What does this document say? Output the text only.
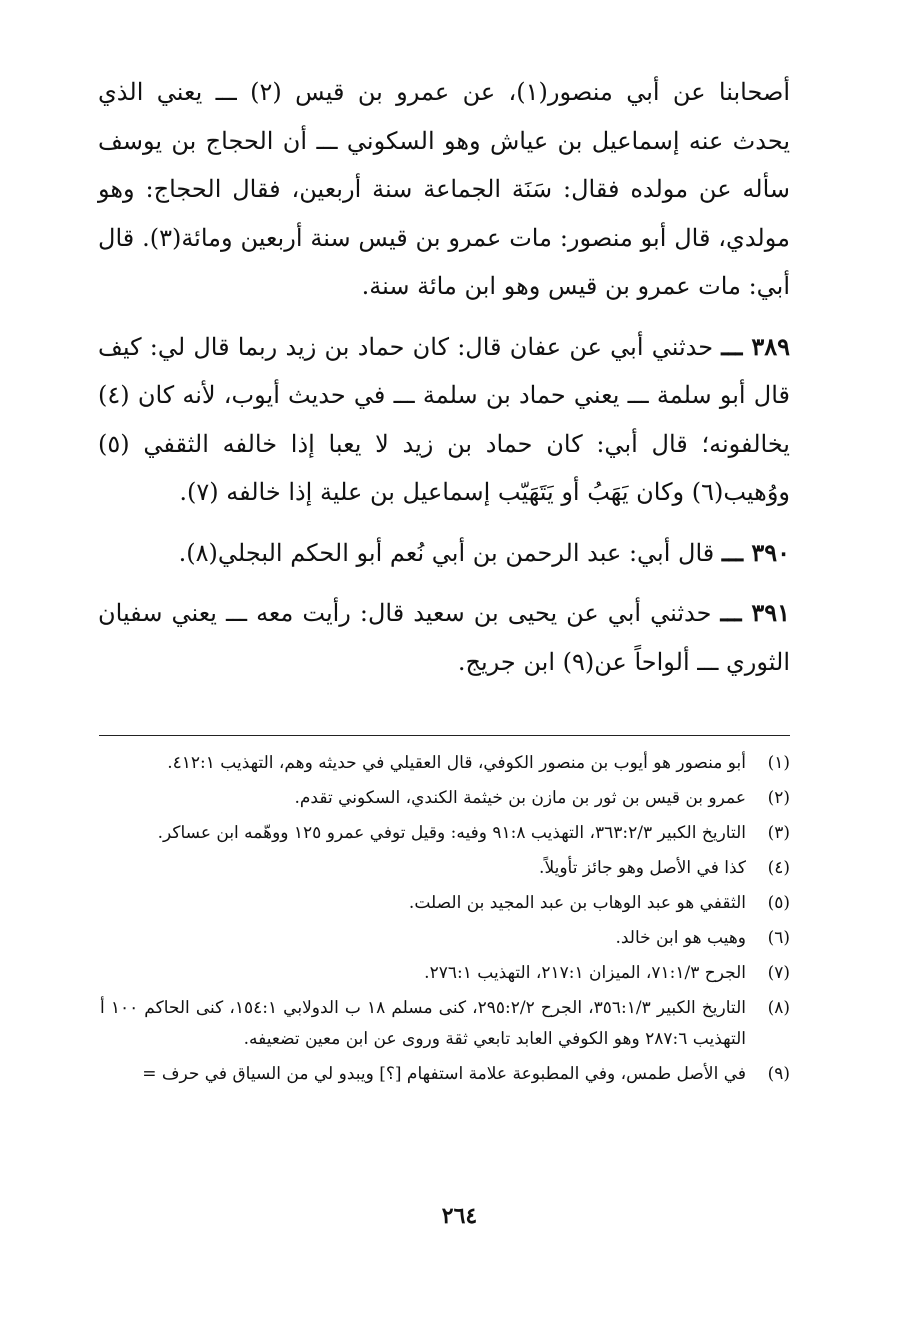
أصحابنا عن أبي منصور(١)، عن عمرو بن قيس (٢) ـــ يعني الذي يحدث عنه إسماعيل بن عياش وهو السكوني ـــ أن الحجاج بن يوسف سأله عن مولده فقال: سَنَة الجماعة سنة أربعين، فقال الحجاج: وهو مولدي، قال أبو منصور: مات عمرو بن قيس سنة أربعين ومائة(٣). قال أبي: مات عمرو بن قيس وهو ابن مائة سنة.

٣٨٩ ـــ حدثني أبي عن عفان قال: كان حماد بن زيد ربما قال لي: كيف قال أبو سلمة ـــ يعني حماد بن سلمة ـــ في حديث أيوب، لأنه كان (٤) يخالفونه؛ قال أبي: كان حماد بن زيد لا يعبا إذا خالفه الثقفي (٥) ووُهيب(٦) وكان يَهَبُ أو يَتَهَيّب إسماعيل بن علية إذا خالفه (٧).

٣٩٠ ـــ قال أبي: عبد الرحمن بن أبي نُعم أبو الحكم البجلي(٨).

٣٩١ ـــ حدثني أبي عن يحيى بن سعيد قال: رأيت معه ـــ يعني سفيان الثوري ـــ ألواحاً عن(٩) ابن جريج.

(١)
أبو منصور هو أيوب بن منصور الكوفي، قال العقيلي في حديثه وهم، التهذيب ٤١٢:١.
(٢)
عمرو بن قيس بن ثور بن مازن بن خيثمة الكندي، السكوني تقدم.
(٣)
التاريخ الكبير ٣٦٣:٢/٣، التهذيب ٩١:٨ وفيه: وقيل توفي عمرو ١٢٥ ووهّمه ابن عساكر.
(٤)
كذا في الأصل وهو جائز تأويلاً.
(٥)
الثقفي هو عبد الوهاب بن عبد المجيد بن الصلت.
(٦)
وهيب هو ابن خالد.
(٧)
الجرح ٧١:١/٣، الميزان ٢١٧:١، التهذيب ٢٧٦:١.
(٨)
التاريخ الكبير ٣٥٦:١/٣، الجرح ٢٩٥:٢/٢، كنى مسلم ١٨ ب الدولابي ١٥٤:١، كنى الحاكم ١٠٠ أ التهذيب ٢٨٧:٦ وهو الكوفي العابد تابعي ثقة وروى عن ابن معين تضعيفه.
(٩)
في الأصل طمس، وفي المطبوعة علامة استفهام [؟] ويبدو لي من السياق في حرف =
٢٦٤
